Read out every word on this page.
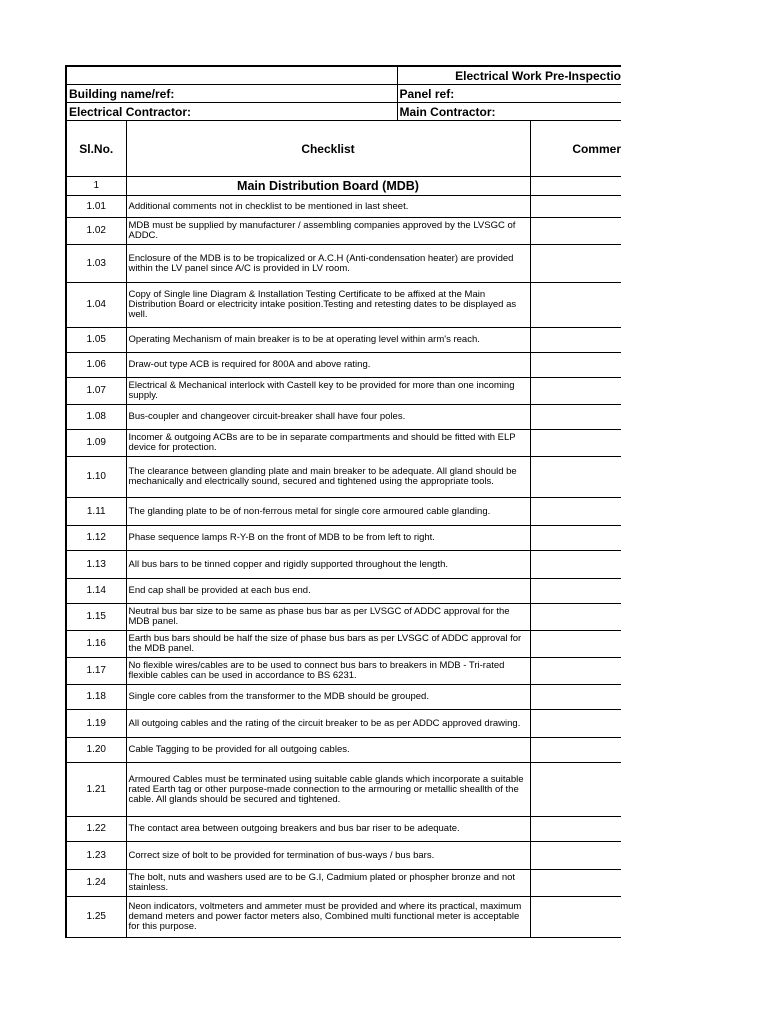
		Electrical Work Pre-Inspectio	
Building name/ref:		Panel ref:	
Electrical Contractor:		Main Contractor:	
Sl.No.	Checklist		Commer
1	Main Distribution Board (MDB)		
1.01	Additional comments not in checklist to be mentioned in last sheet.		
1.02	MDB must be supplied by manufacturer / assembling companies approved by the LVSGC of ADDC.		
1.03	Enclosure of the MDB is to be tropicalized or A.C.H (Anti-condensation heater) are provided within the LV panel since A/C is provided in LV room.		
1.04	Copy of Single line Diagram & Installation Testing Certificate to be affixed at the Main Distribution Board or electricity intake position.Testing and retesting dates to be displayed as well.		
1.05	Operating Mechanism of main breaker is to be at operating level within arm's reach.		
1.06	Draw-out type ACB is required for 800A and above rating.		
1.07	Electrical & Mechanical interlock with Castell key to be provided for more than one incoming supply.		
1.08	Bus-coupler and changeover circuit-breaker shall have four poles.		
1.09	Incomer & outgoing ACBs are to be in separate compartments and should be fitted with ELP device for protection.		
1.10	The clearance between glanding plate and main breaker to be adequate. All gland should be mechanically and electrically sound, secured and tightened using the appropriate tools.		
1.11	The glanding plate to be of non-ferrous metal for single core armoured cable glanding.		
1.12	Phase sequence lamps R-Y-B on the front of MDB to be from left to right.		
1.13	All bus bars to be tinned copper and rigidly supported throughout the length.		
1.14	End cap shall be provided at each bus end.		
1.15	Neutral bus bar size to be same as phase bus bar as per LVSGC of ADDC approval for the MDB panel.		
1.16	Earth bus bars should be half the size of phase bus bars as per LVSGC of ADDC approval for the MDB panel.		
1.17	No flexible wires/cables are to be used to connect bus bars to breakers in MDB - Tri-rated flexible cables can be used in accordance to BS 6231.		
1.18	Single core cables from the transformer to the MDB should be grouped.		
1.19	All outgoing cables and the rating of the circuit breaker to be as per ADDC approved drawing.		
1.20	Cable Tagging to be provided for all outgoing cables.		
1.21	Armoured Cables must be terminated using suitable cable glands which incorporate a suitable rated Earth tag or other purpose-made connection to the armouring or metallic sheallth of the cable. All glands should be secured and tightened.		
1.22	The contact area between outgoing breakers and bus bar riser to be adequate.		
1.23	Correct size of bolt to be provided for termination of bus-ways / bus bars.		
1.24	The bolt, nuts and washers used are to be G.I, Cadmium plated or phospher bronze and not stainless.		
1.25	Neon indicators, voltmeters and ammeter must be provided and where its practical, maximum demand meters and power factor meters also, Combined multi functional meter is acceptable for this purpose.		
